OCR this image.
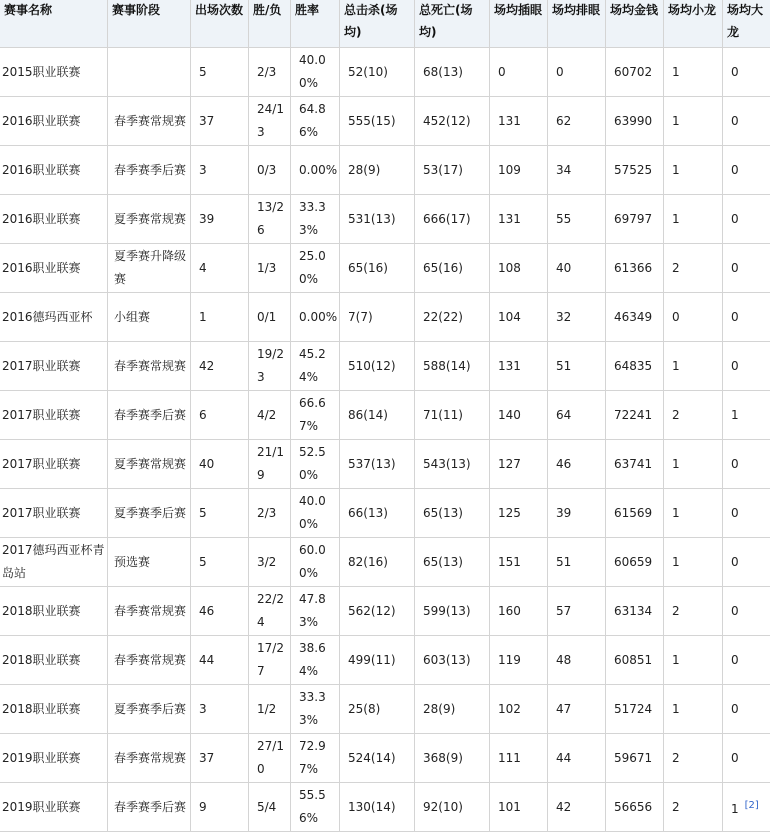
赛事名称	赛事阶段	出场次数	胜/负	胜率	总击杀(场均)	总死亡(场均)	场均插眼	场均排眼	场均金钱	场均小龙	场均大龙
2015职业联赛		5	2/3	40.00%	52(10)	68(13)	0	0	60702	1	0
2016职业联赛	春季赛常规赛	37	24/13	64.86%	555(15)	452(12)	131	62	63990	1	0
2016职业联赛	春季赛季后赛	3	0/3	0.00%	28(9)	53(17)	109	34	57525	1	0
2016职业联赛	夏季赛常规赛	39	13/26	33.33%	531(13)	666(17)	131	55	69797	1	0
2016职业联赛	夏季赛升降级赛	4	1/3	25.00%	65(16)	65(16)	108	40	61366	2	0
2016德玛西亚杯	小组赛	1	0/1	0.00%	7(7)	22(22)	104	32	46349	0	0
2017职业联赛	春季赛常规赛	42	19/23	45.24%	510(12)	588(14)	131	51	64835	1	0
2017职业联赛	春季赛季后赛	6	4/2	66.67%	86(14)	71(11)	140	64	72241	2	1
2017职业联赛	夏季赛常规赛	40	21/19	52.50%	537(13)	543(13)	127	46	63741	1	0
2017职业联赛	夏季赛季后赛	5	2/3	40.00%	66(13)	65(13)	125	39	61569	1	0
2017德玛西亚杯青岛站	预选赛	5	3/2	60.00%	82(16)	65(13)	151	51	60659	1	0
2018职业联赛	春季赛常规赛	46	22/24	47.83%	562(12)	599(13)	160	57	63134	2	0
2018职业联赛	春季赛常规赛	44	17/27	38.64%	499(11)	603(13)	119	48	60851	1	0
2018职业联赛	夏季赛季后赛	3	1/2	33.33%	25(8)	28(9)	102	47	51724	1	0
2019职业联赛	春季赛常规赛	37	27/10	72.97%	524(14)	368(9)	111	44	59671	2	0
2019职业联赛	春季赛季后赛	9	5/4	55.56%	130(14)	92(10)	101	42	56656	2	1 [2]
